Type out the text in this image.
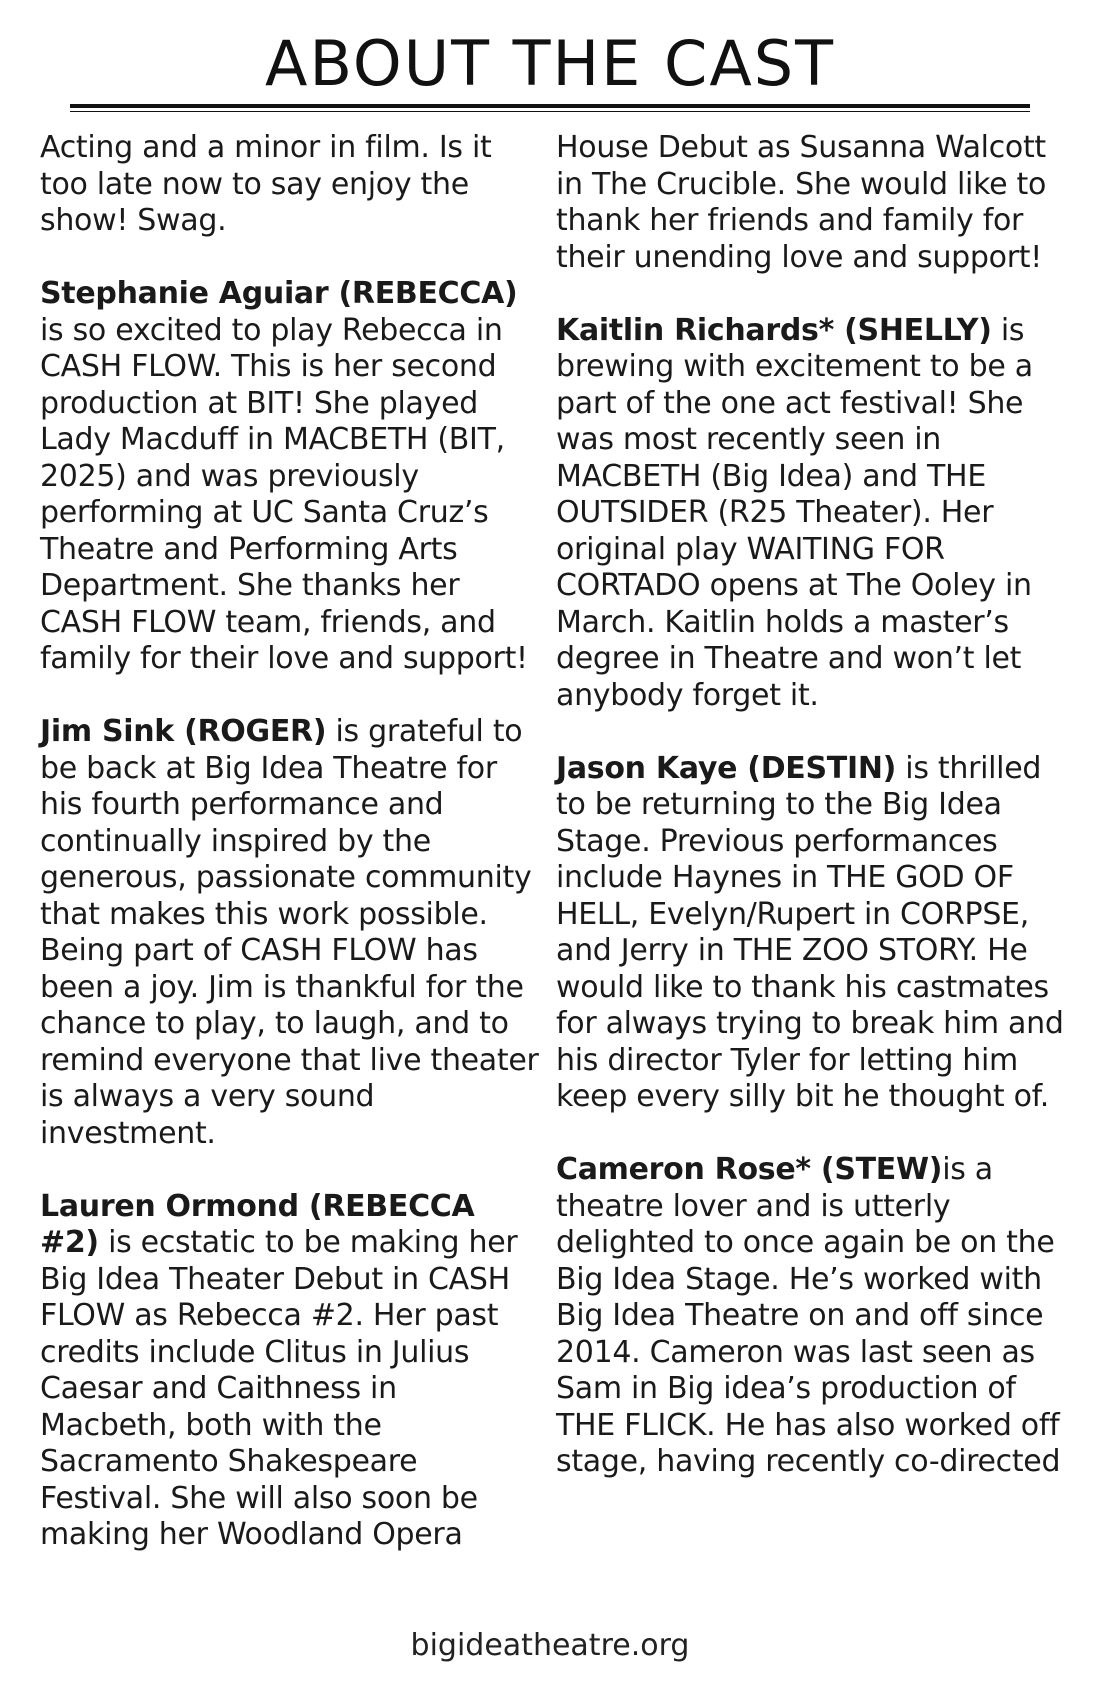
ABOUT THE CAST

Acting and a minor in film. Is it too late now to say enjoy the show! Swag.

Stephanie Aguiar (REBECCA) is so excited to play Rebecca in CASH FLOW. This is her second production at BIT! She played Lady Macduff in MACBETH (BIT, 2025) and was previously performing at UC Santa Cruz’s Theatre and Performing Arts Department. She thanks her CASH FLOW team, friends, and family for their love and support!

Jim Sink (ROGER) is grateful to be back at Big Idea Theatre for his fourth performance and continually inspired by the generous, passionate community that makes this work possible. Being part of CASH FLOW has been a joy. Jim is thankful for the chance to play, to laugh, and to remind everyone that live theater is always a very sound investment.

Lauren Ormond (REBECCA #2) is ecstatic to be making her Big Idea Theater Debut in CASH FLOW as Rebecca #2. Her past credits include Clitus in Julius Caesar and Caithness in Macbeth, both with the Sacramento Shakespeare Festival. She will also soon be making her Woodland Opera

House Debut as Susanna Walcott in The Crucible. She would like to thank her friends and family for their unending love and support!

Kaitlin Richards* (SHELLY) is brewing with excitement to be a part of the one act festival! She was most recently seen in MACBETH (Big Idea) and THE OUTSIDER (R25 Theater). Her original play WAITING FOR CORTADO opens at The Ooley in March. Kaitlin holds a master’s degree in Theatre and won’t let anybody forget it.

Jason Kaye (DESTIN) is thrilled to be returning to the Big Idea Stage. Previous performances include Haynes in THE GOD OF HELL, Evelyn/Rupert in CORPSE, and Jerry in THE ZOO STORY. He would like to thank his castmates for always trying to break him and his director Tyler for letting him keep every silly bit he thought of.

Cameron Rose* (STEW)is a theatre lover and is utterly delighted to once again be on the Big Idea Stage. He’s worked with Big Idea Theatre on and off since 2014. Cameron was last seen as Sam in Big idea’s production of THE FLICK. He has also worked off stage, having recently co-directed

bigideatheatre.org
